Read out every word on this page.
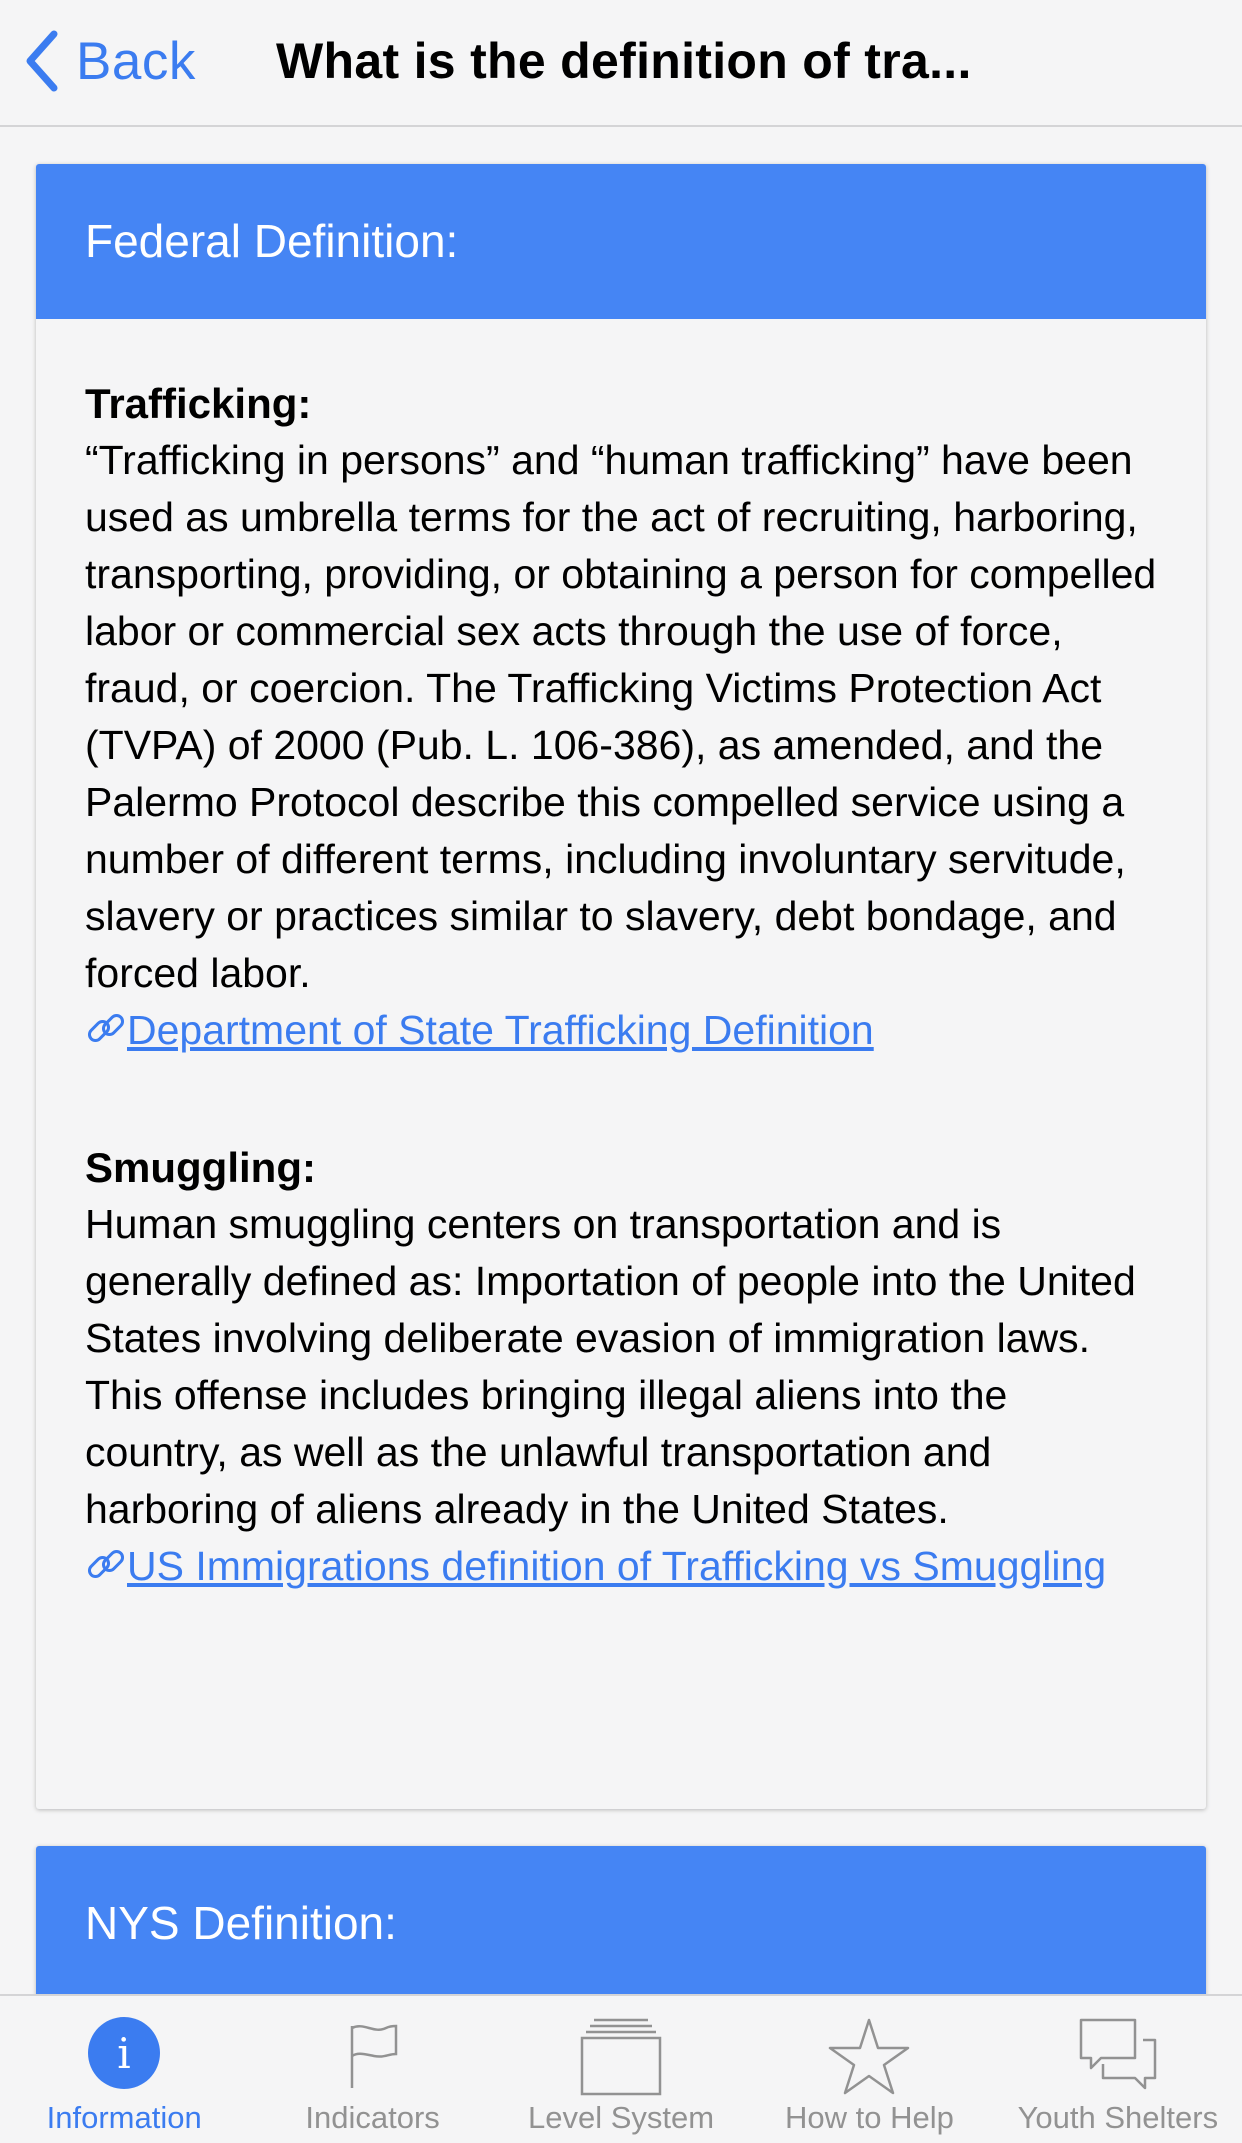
Back What is the definition of tra...
Federal Definition:
Trafficking:
“Trafficking in persons” and “human trafficking” have been used as umbrella terms for the act of recruiting, harboring, transporting, providing, or obtaining a person for compelled labor or commercial sex acts through the use of force, fraud, or coercion. The Trafficking Victims Protection Act (TVPA) of 2000 (Pub. L. 106-386), as amended, and the Palermo Protocol describe this compelled service using a number of different terms, including involuntary servitude, slavery or practices similar to slavery, debt bondage, and forced labor.
Department of State Trafficking Definition
Smuggling:
Human smuggling centers on transportation and is generally defined as: Importation of people into the United States involving deliberate evasion of immigration laws. This offense includes bringing illegal aliens into the country, as well as the unlawful transportation and harboring of aliens already in the United States.
US Immigrations definition of Trafficking vs Smuggling
NYS Definition:
i
Information	Indicators	Level System	How to Help	Youth Shelters
